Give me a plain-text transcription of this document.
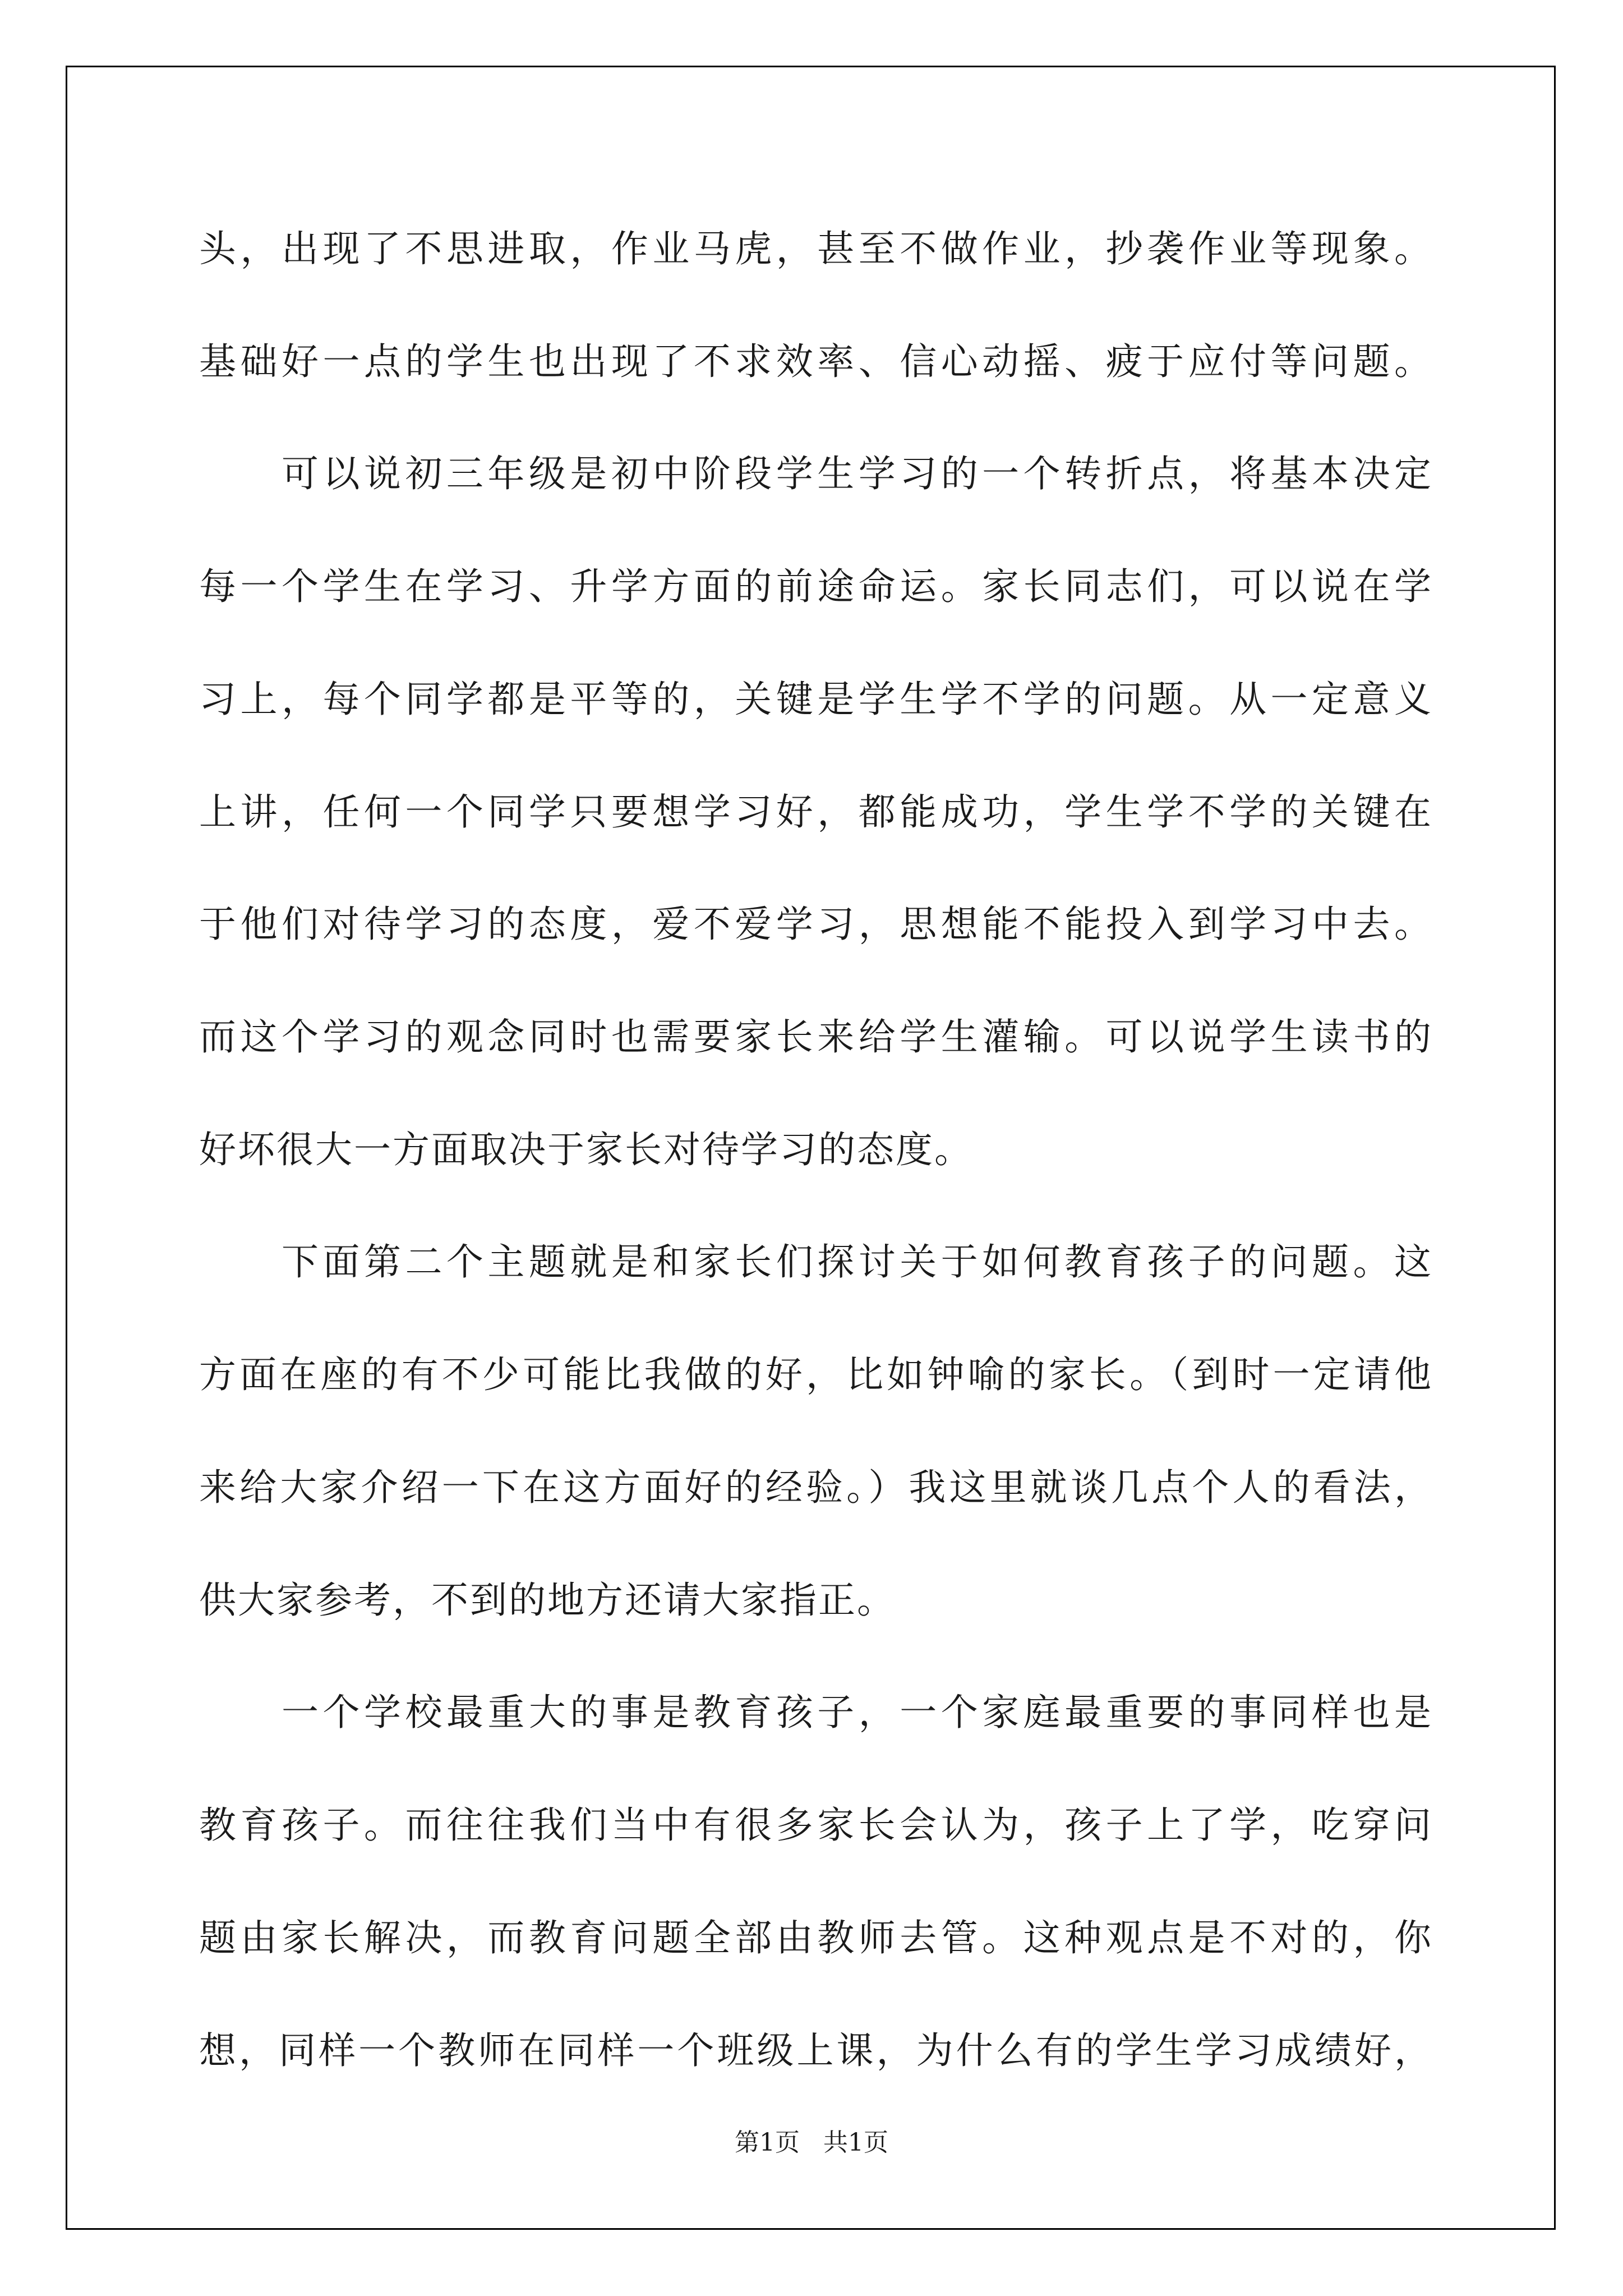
头，出现了不思进取，作业马虎，甚至不做作业，抄袭作业等现象。
基础好一点的学生也出现了不求效率、信心动摇、疲于应付等问题。
可以说初三年级是初中阶段学生学习的一个转折点，将基本决定
每一个学生在学习、升学方面的前途命运。家长同志们，可以说在学
习上，每个同学都是平等的，关键是学生学不学的问题。从一定意义
上讲，任何一个同学只要想学习好，都能成功，学生学不学的关键在
于他们对待学习的态度，爱不爱学习，思想能不能投入到学习中去。
而这个学习的观念同时也需要家长来给学生灌输。可以说学生读书的
好坏很大一方面取决于家长对待学习的态度。
下面第二个主题就是和家长们探讨关于如何教育孩子的问题。这
方面在座的有不少可能比我做的好，比如钟喻的家长。（到时一定请他
来给大家介绍一下在这方面好的经验。）我这里就谈几点个人的看法，
供大家参考，不到的地方还请大家指正。
一个学校最重大的事是教育孩子，一个家庭最重要的事同样也是
教育孩子。而往往我们当中有很多家长会认为，孩子上了学，吃穿问
题由家长解决，而教育问题全部由教师去管。这种观点是不对的，你
第1页   共1页
想，同样一个教师在同样一个班级上课，为什么有的学生学习成绩好，
